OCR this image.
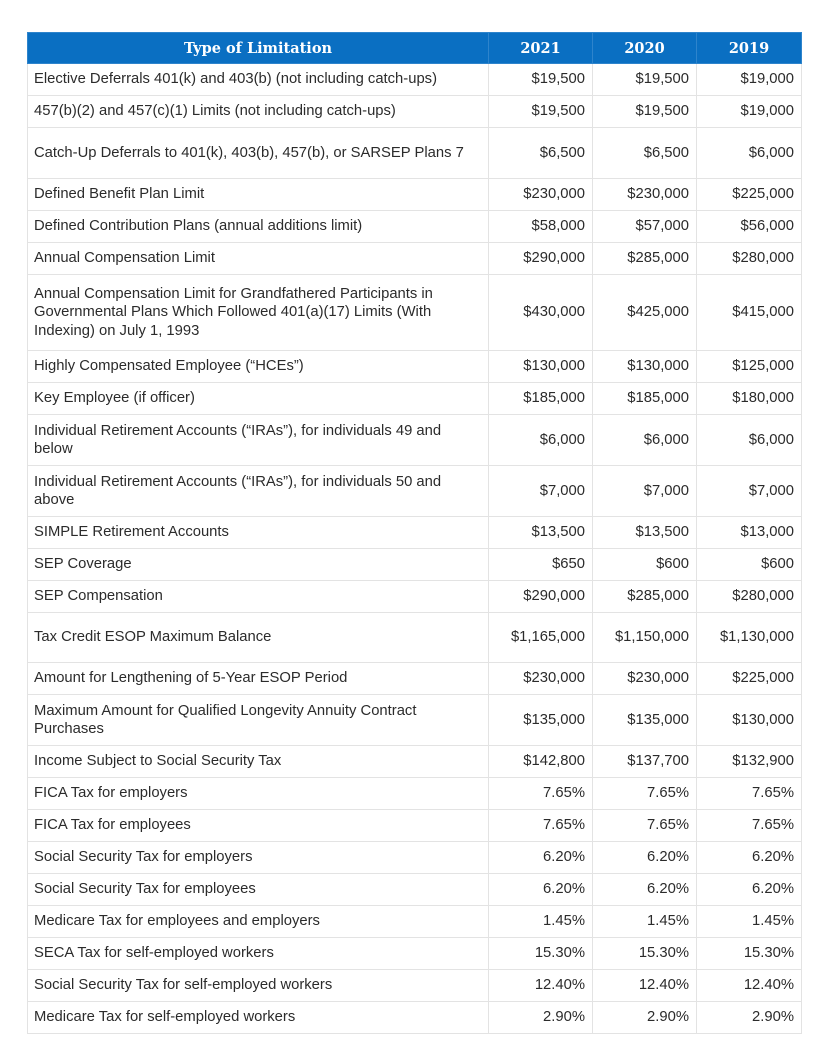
Type of Limitation	2021	2020	2019
Elective Deferrals 401(k) and 403(b) (not including catch-ups)	$19,500	$19,500	$19,000
457(b)(2) and 457(c)(1) Limits (not including catch-ups)	$19,500	$19,500	$19,000
Catch-Up Deferrals to 401(k), 403(b), 457(b), or SARSEP Plans 7	$6,500	$6,500	$6,000
Defined Benefit Plan Limit	$230,000	$230,000	$225,000
Defined Contribution Plans (annual additions limit)	$58,000	$57,000	$56,000
Annual Compensation Limit	$290,000	$285,000	$280,000
Annual Compensation Limit for Grandfathered Participants in Governmental Plans Which Followed 401(a)(17) Limits (With Indexing) on July 1, 1993	$430,000	$425,000	$415,000
Highly Compensated Employee (“HCEs”)	$130,000	$130,000	$125,000
Key Employee (if officer)	$185,000	$185,000	$180,000
Individual Retirement Accounts (“IRAs”), for individuals 49 and below	$6,000	$6,000	$6,000
Individual Retirement Accounts (“IRAs”), for individuals 50 and above	$7,000	$7,000	$7,000
SIMPLE Retirement Accounts	$13,500	$13,500	$13,000
SEP Coverage	$650	$600	$600
SEP Compensation	$290,000	$285,000	$280,000
Tax Credit ESOP Maximum Balance	$1,165,000	$1,150,000	$1,130,000
Amount for Lengthening of 5-Year ESOP Period	$230,000	$230,000	$225,000
Maximum Amount for Qualified Longevity Annuity Contract Purchases	$135,000	$135,000	$130,000
Income Subject to Social Security Tax	$142,800	$137,700	$132,900
FICA Tax for employers	7.65%	7.65%	7.65%
FICA Tax for employees	7.65%	7.65%	7.65%
Social Security Tax for employers	6.20%	6.20%	6.20%
Social Security Tax for employees	6.20%	6.20%	6.20%
Medicare Tax for employees and employers	1.45%	1.45%	1.45%
SECA Tax for self-employed workers	15.30%	15.30%	15.30%
Social Security Tax for self-employed workers	12.40%	12.40%	12.40%
Medicare Tax for self-employed workers	2.90%	2.90%	2.90%
